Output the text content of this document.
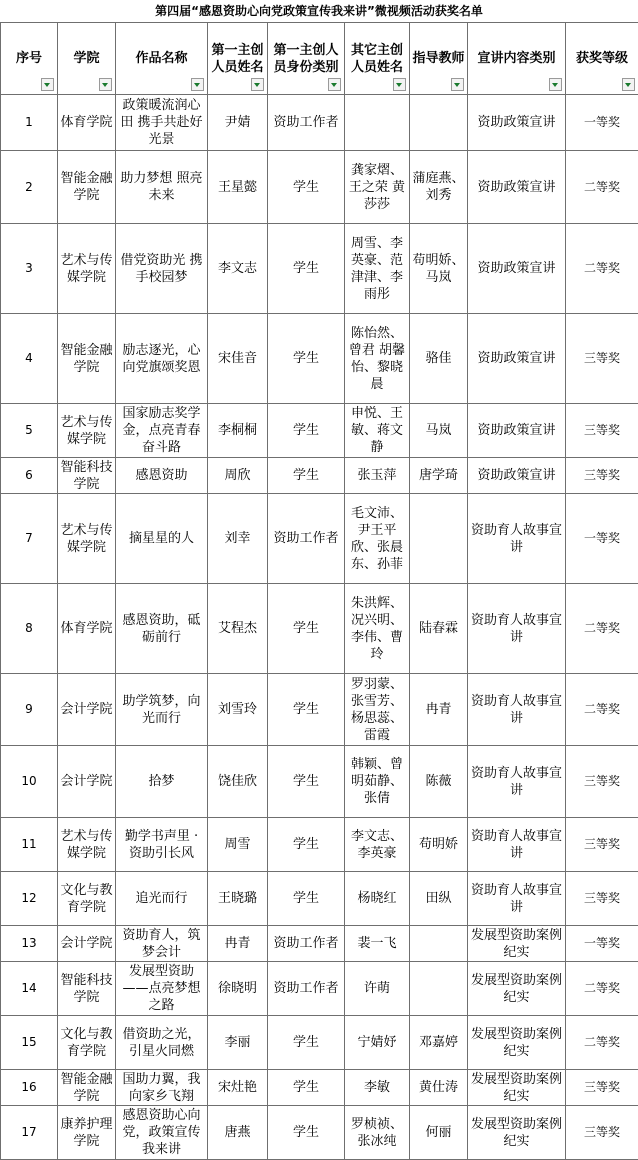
第四届“感恩资助心向党政策宣传我来讲”微视频活动获奖名单
序号	学院	作品名称	第一主创人员姓名	第一主创人员身份类别	其它主创人员姓名	指导教师	宣讲内容类别	获奖等级

1	体育学院	政策暖流润心田 携手共赴好光景	尹婧	资助工作者			资助政策宣讲	一等奖
2	智能金融学院	助力梦想 照亮未来	王星懿	学生	龚家熠、王之荣 黄莎莎	蒲庭燕、刘秀	资助政策宣讲	二等奖
3	艺术与传媒学院	借党资助光 携手校园梦	李文志	学生	周雪、李英豪、范津津、李雨彤	苟明娇、马岚	资助政策宣讲	二等奖
4	智能金融学院	励志逐光，心向党旗颂奖恩	宋佳音	学生	陈怡然、曾君 胡馨怡、黎晓晨	骆佳	资助政策宣讲	三等奖
5	艺术与传媒学院	国家励志奖学金，点亮青春奋斗路	李桐桐	学生	申悦、王敏、蒋文静	马岚	资助政策宣讲	三等奖
6	智能科技学院	感恩资助	周欣	学生	张玉萍	唐学琦	资助政策宣讲	三等奖
7	艺术与传媒学院	摘星星的人	刘幸	资助工作者	毛文沛、尹王平欣、张晨东、孙菲		资助育人故事宣讲	一等奖
8	体育学院	感恩资助，砥砺前行	艾程杰	学生	朱洪辉、况兴明、李伟、曹玲	陆春霖	资助育人故事宣讲	二等奖
9	会计学院	助学筑梦，向光而行	刘雪玲	学生	罗羽蒙、张雪芳、杨思蕊、雷霞	冉青	资助育人故事宣讲	二等奖
10	会计学院	拾梦	饶佳欣	学生	韩颖、曾明茹静、张倩	陈薇	资助育人故事宣讲	三等奖
11	艺术与传媒学院	勤学书声里 · 资助引长风	周雪	学生	李文志、李英豪	苟明娇	资助育人故事宣讲	三等奖
12	文化与教育学院	追光而行	王晓璐	学生	杨晓红	田纵	资助育人故事宣讲	三等奖
13	会计学院	资助育人，筑梦会计	冉青	资助工作者	裴一飞		发展型资助案例纪实	一等奖
14	智能科技学院	发展型资助——点亮梦想之路	徐晓明	资助工作者	许萌		发展型资助案例纪实	二等奖
15	文化与教育学院	借资助之光，引星火同燃	李丽	学生	宁婧妤	邓嘉婷	发展型资助案例纪实	二等奖
16	智能金融学院	国助力翼，我向家乡飞翔	宋灶艳	学生	李敏	黄仕涛	发展型资助案例纪实	三等奖
17	康养护理学院	感恩资助心向党，政策宣传我来讲	唐燕	学生	罗桢祯、张冰纯	何丽	发展型资助案例纪实	三等奖
